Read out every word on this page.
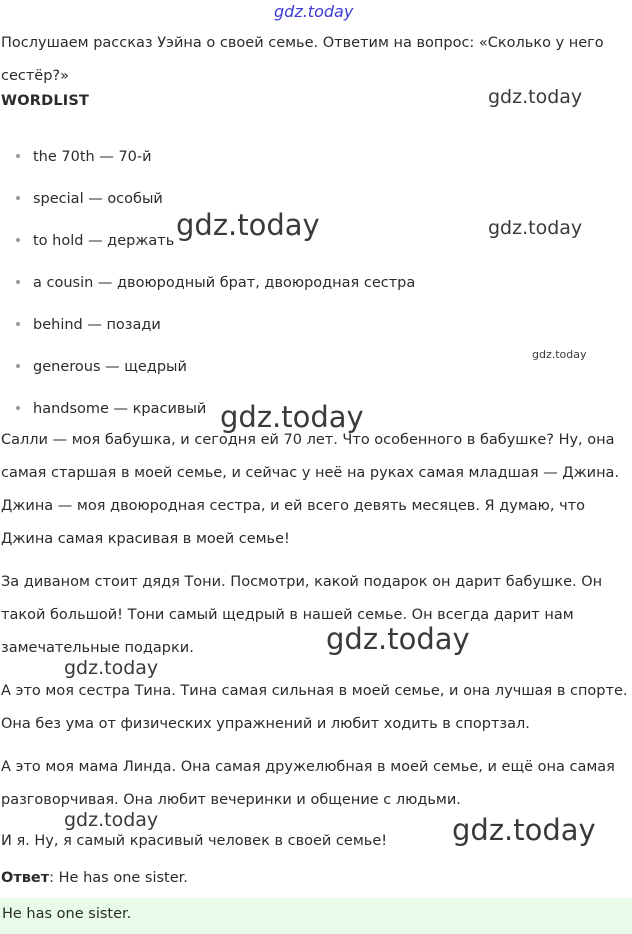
gdz.today
gdz.today
gdz.today
gdz.today
gdz.today
gdz.today
gdz.today
gdz.today
gdz.today	gdz.today

Послушаем рассказ Уэйна о своей семье. Ответим на вопрос: «Сколько у него сестёр?»

WORDLIST
the 70th — 70-й
special — особый
to hold — держать
a cousin — двоюродный брат, двоюродная сестра
behind — позади
generous — щедрый
handsome — красивый

Салли — моя бабушка, и сегодня ей 70 лет. Что особенного в бабушке? Ну, она самая старшая в моей семье, и сейчас у неё на руках самая младшая — Джина. Джина — моя двоюродная сестра, и ей всего девять месяцев. Я думаю, что Джина самая красивая в моей семье!

За диваном стоит дядя Тони. Посмотри, какой подарок он дарит бабушке. Он такой большой! Тони самый щедрый в нашей семье. Он всегда дарит нам замечательные подарки.

А это моя сестра Тина. Тина самая сильная в моей семье, и она лучшая в спорте. Она без ума от физических упражнений и любит ходить в спортзал.

А это моя мама Линда. Она самая дружелюбная в моей семье, и ещё она самая разговорчивая. Она любит вечеринки и общение с людьми.

И я. Ну, я самый красивый человек в своей семье!

Ответ: He has one sister.
He has one sister.
